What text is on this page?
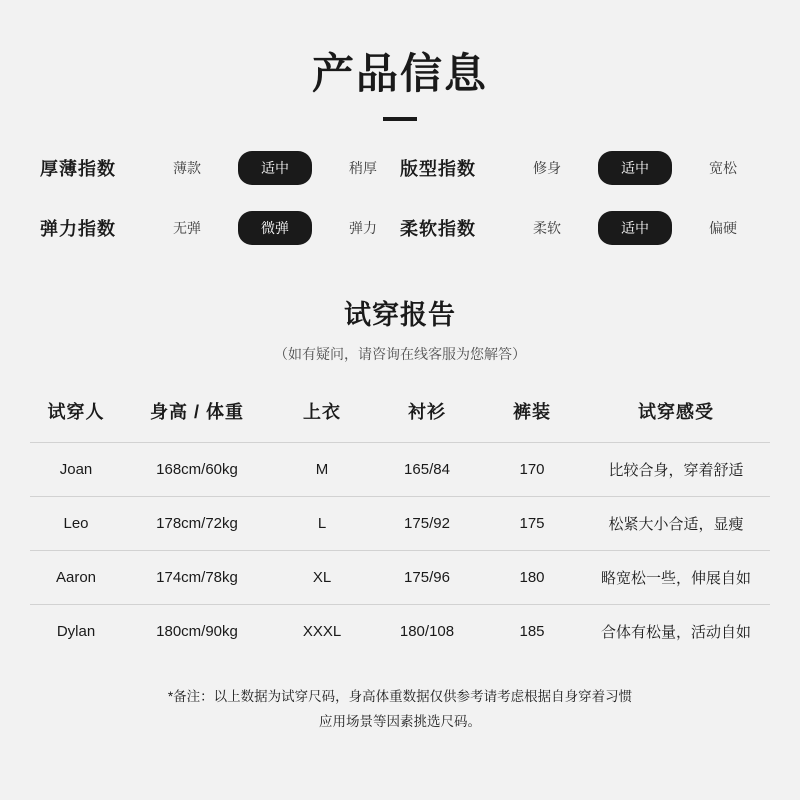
产品信息
厚薄指数	薄款	适中	稍厚	版型指数	修身	适中	宽松
弹力指数	无弹	微弹	弹力	柔软指数	柔软	适中	偏硬
试穿报告
（如有疑问，请咨询在线客服为您解答）
试穿人	身高 / 体重	上衣	衬衫	裤装	试穿感受
Joan	168cm/60kg	M	165/84	170	比较合身，穿着舒适
Leo	178cm/72kg	L	175/92	175	松紧大小合适，显瘦
Aaron	174cm/78kg	XL	175/96	180	略宽松一些，伸展自如
Dylan	180cm/90kg	XXXL	180/108	185	合体有松量，活动自如
*备注：以上数据为试穿尺码，身高体重数据仅供参考请考虑根据自身穿着习惯
应用场景等因素挑选尺码。
